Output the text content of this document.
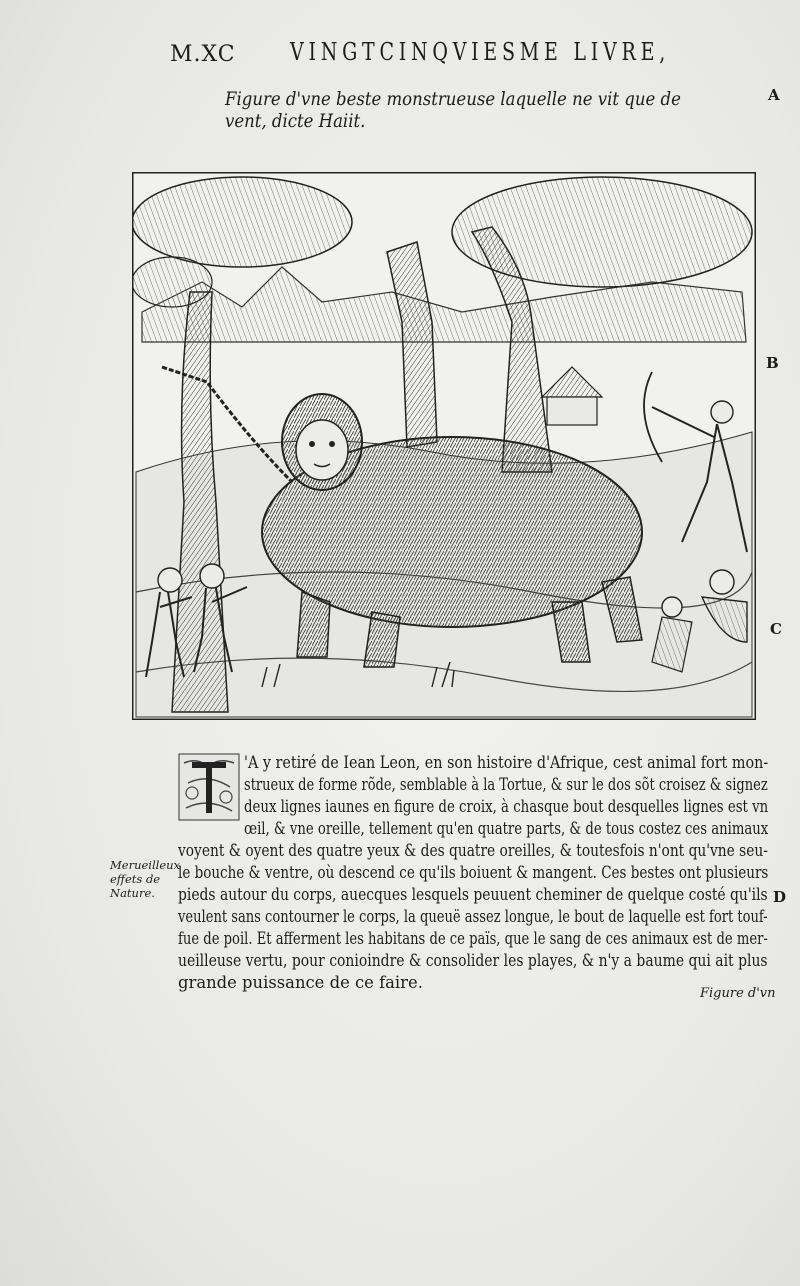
M.XC VINGTCINQVIESME LIVRE,
Figure d'vne beste monstrueuse laquelle ne vit que de vent, dicte Haiit.
A
B
C
D
'A y retiré de Iean Leon, en son histoire d'Afrique, cest animal fort mon-
strueux de forme rõde, semblable à la Tortue, & sur le dos sõt croisez & signez
deux lignes iaunes en figure de croix, à chasque bout desquelles lignes est vn
œil, & vne oreille, tellement qu'en quatre parts, & de tous costez ces animaux
voyent & oyent des quatre yeux & des quatre oreilles, & toutesfois n'ont qu'vne seu-
le bouche & ventre, où descend ce qu'ils boiuent & mangent. Ces bestes ont plusieurs
pieds autour du corps, auecques lesquels peuuent cheminer de quelque costé qu'ils
veulent sans contourner le corps, la queuë assez longue, le bout de laquelle est fort touf-
fue de poil. Et afferment les habitans de ce païs, que le sang de ces animaux est de mer-
ueilleuse vertu, pour conioindre & consolider les playes, & n'y a baume qui ait plus
grande puissance de ce faire.
Merueilleux
effets de
Nature.
Figure d'vn
